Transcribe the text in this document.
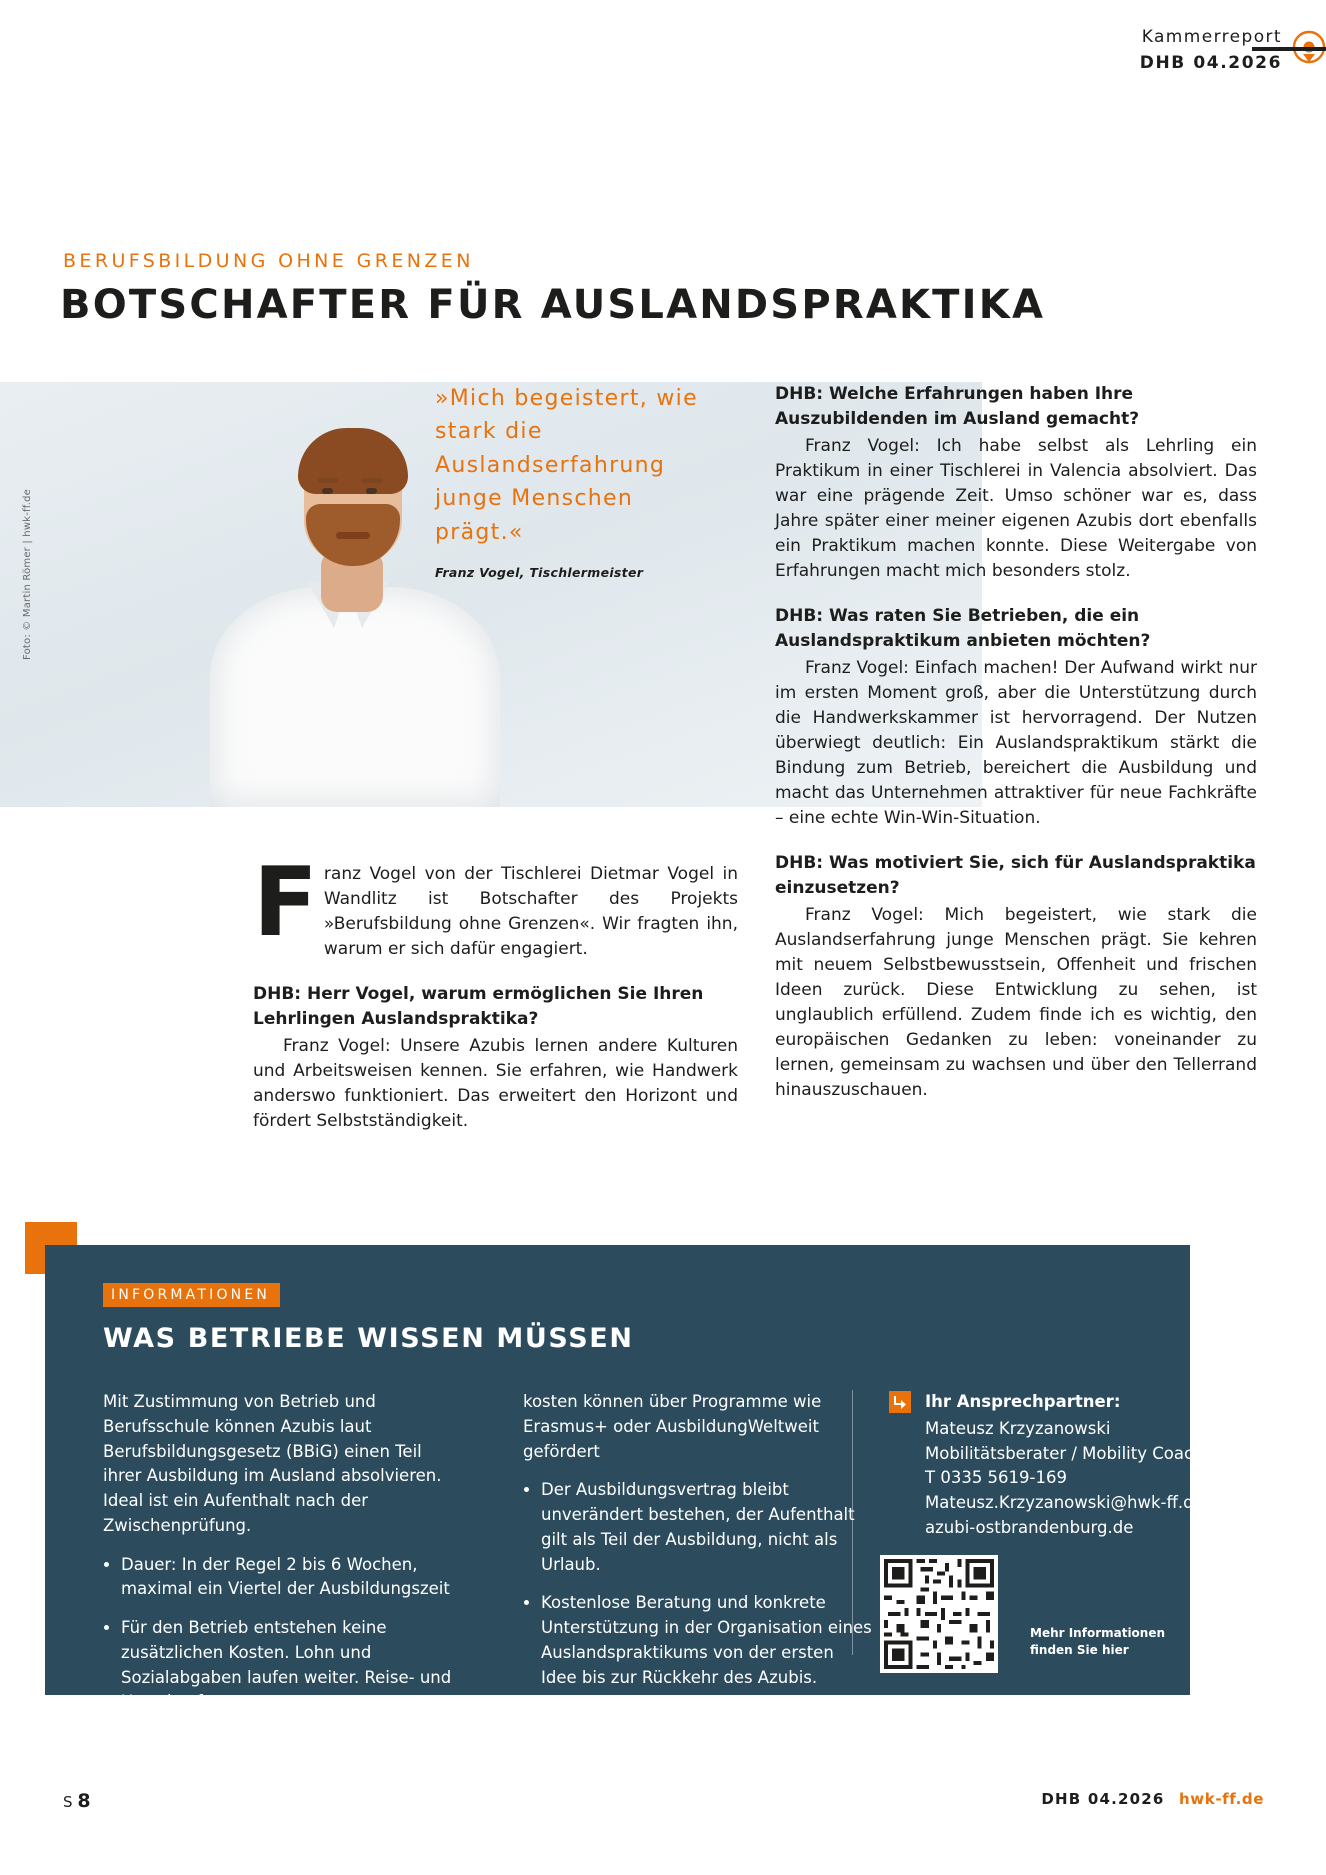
Kammerreport
DHB 04.2026
BERUFSBILDUNG OHNE GRENZEN
BOTSCHAFTER FÜR AUSLANDSPRAKTIKA
Foto: © Martin Römer | hwk-ff.de
»Mich begeistert, wie stark die Auslandserfahrung junge Menschen prägt.«
Franz Vogel, Tischlermeister
F ranz Vogel von der Tischlerei Dietmar Vogel in Wandlitz ist Botschafter des Projekts »Berufsbildung ohne Grenzen«. Wir fragten ihn, warum er sich dafür engagiert.
DHB: Herr Vogel, warum ermöglichen Sie Ihren Lehrlingen Auslandspraktika?
Franz Vogel: Unsere Azubis lernen andere Kulturen und Arbeitsweisen kennen. Sie erfahren, wie Handwerk anderswo funktioniert. Das erweitert den Horizont und fördert Selbstständigkeit.
DHB: Welche Erfahrungen haben Ihre Auszubildenden im Ausland gemacht?
Franz Vogel: Ich habe selbst als Lehrling ein Praktikum in einer Tischlerei in Valencia absolviert. Das war eine prägende Zeit. Umso schöner war es, dass Jahre später einer meiner eigenen Azubis dort ebenfalls ein Praktikum machen konnte. Diese Weitergabe von Erfahrungen macht mich besonders stolz.
DHB: Was raten Sie Betrieben, die ein Auslandspraktikum anbieten möchten?
Franz Vogel: Einfach machen! Der Aufwand wirkt nur im ersten Moment groß, aber die Unterstützung durch die Handwerkskammer ist hervorragend. Der Nutzen überwiegt deutlich: Ein Auslandspraktikum stärkt die Bindung zum Betrieb, bereichert die Ausbildung und macht das Unternehmen attraktiver für neue Fachkräfte – eine echte Win-Win-Situation.
DHB: Was motiviert Sie, sich für Auslandspraktika einzusetzen?
Franz Vogel: Mich begeistert, wie stark die Auslandserfahrung junge Menschen prägt. Sie kehren mit neuem Selbstbewusstsein, Offenheit und frischen Ideen zurück. Diese Entwicklung zu sehen, ist unglaublich erfüllend. Zudem finde ich es wichtig, den europäischen Gedanken zu leben: voneinander zu lernen, gemeinsam zu wachsen und über den Tellerrand hinauszuschauen.
INFORMATIONEN
WAS BETRIEBE WISSEN MÜSSEN
Mit Zustimmung von Betrieb und Berufsschule können Azubis laut Berufsbildungsgesetz (BBiG) einen Teil ihrer Ausbildung im Ausland absolvieren. Ideal ist ein Aufenthalt nach der Zwischenprüfung.
• Dauer: In der Regel 2 bis 6 Wochen, maximal ein Viertel der Ausbildungszeit
• Für den Betrieb entstehen keine zusätzlichen Kosten. Lohn und Sozialabgaben laufen weiter. Reise- und Unterkunfts-
kosten können über Programme wie Erasmus+ oder AusbildungWeltweit gefördert
• Der Ausbildungsvertrag bleibt unverändert bestehen, der Aufenthalt gilt als Teil der Ausbildung, nicht als Urlaub.
• Kostenlose Beratung und konkrete Unterstützung in der Organisation eines Auslandspraktikums von der ersten Idee bis zur Rückkehr des Azubis.
Ihr Ansprechpartner:
Mateusz Krzyzanowski
Mobilitätsberater / Mobility Coach
T 0335 5619-169
Mateusz.Krzyzanowski@hwk-ff.de
azubi-ostbrandenburg.de
Mehr Informationen
finden Sie hier
S 8	DHB 04.2026 hwk-ff.de
